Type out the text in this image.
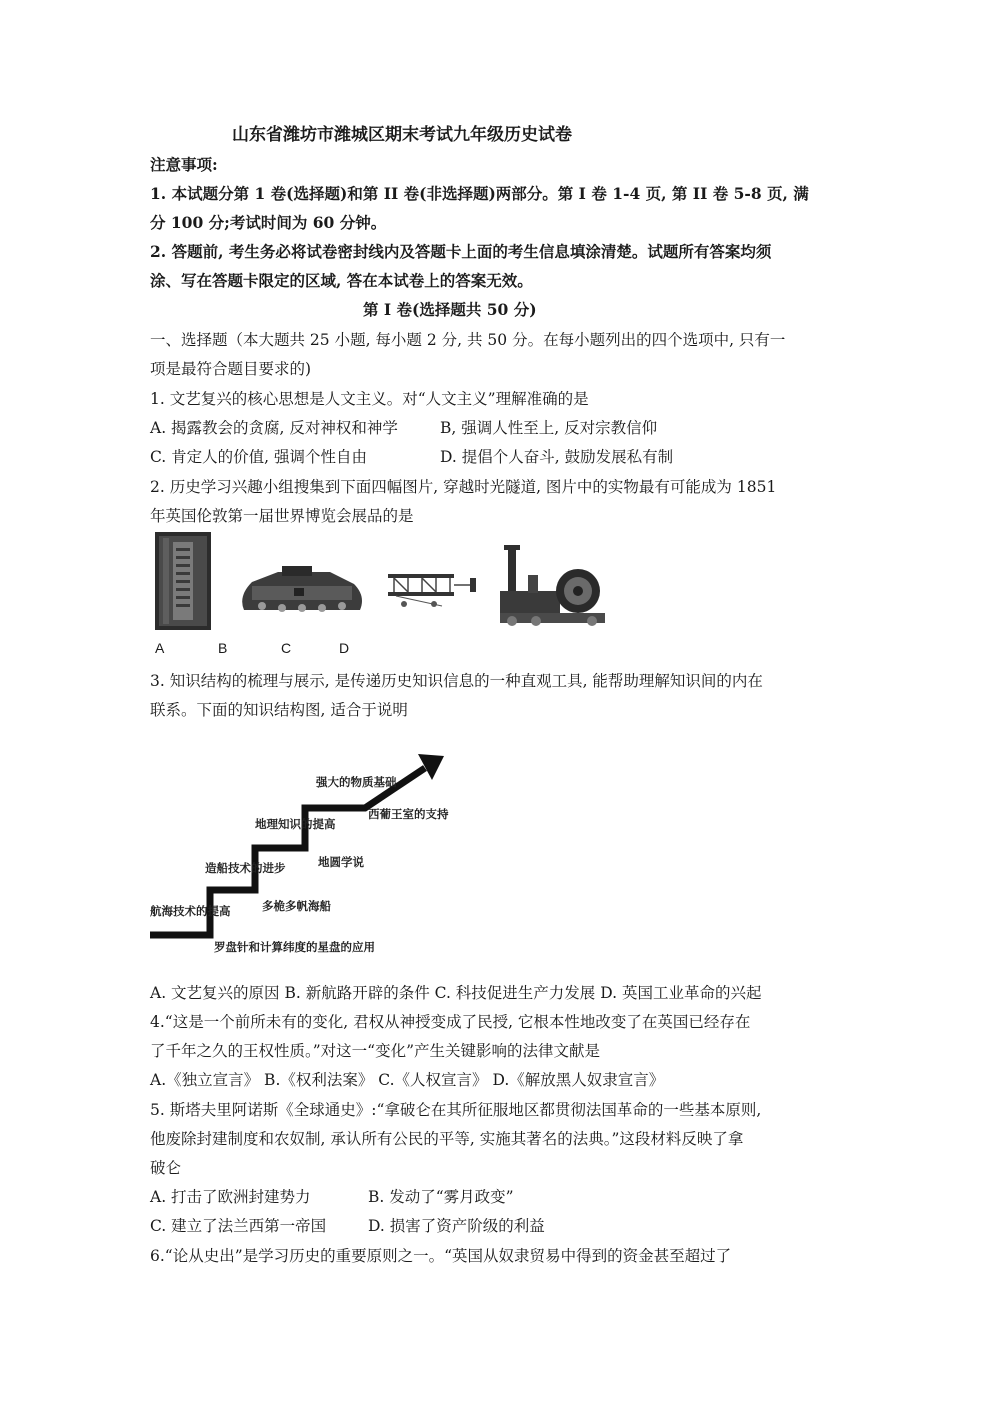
山东省潍坊市潍城区期末考试九年级历史试卷
注意事项:
1. 本试题分第 1 卷(选择题)和第 II 卷(非选择题)两部分。第 I 卷 1-4 页, 第 II 卷 5-8 页, 满
分 100 分;考试时间为 60 分钟。
2. 答题前, 考生务必将试卷密封线内及答题卡上面的考生信息填涂清楚。试题所有答案均须
涂、写在答题卡限定的区域, 答在本试卷上的答案无效。
第 I 卷(选择题共 50 分)
一、选择题（本大题共 25 小题, 每小题 2 分, 共 50 分。在每小题列出的四个选项中, 只有一
项是最符合题目要求的)
1. 文艺复兴的核心思想是人文主义。对“人文主义”理解准确的是
A. 揭露教会的贪腐, 反对神权和神学	B, 强调人性至上, 反对宗教信仰
C. 肯定人的价值, 强调个性自由	D. 提倡个人奋斗, 鼓励发展私有制
2. 历史学习兴趣小组搜集到下面四幅图片, 穿越时光隧道, 图片中的实物最有可能成为 1851
年英国伦敦第一届世界博览会展品的是
A	B	C	D
3. 知识结构的梳理与展示, 是传递历史知识信息的一种直观工具, 能帮助理解知识间的内在
联系。下面的知识结构图, 适合于说明
航海技术的提高
罗盘针和计算纬度的星盘的应用
多桅多帆海船
造船技术的进步	地圆学说
地理知识的提高
西葡王室的支持
强大的物质基础
A. 文艺复兴的原因 B. 新航路开辟的条件 C. 科技促进生产力发展 D. 英国工业革命的兴起
4.“这是一个前所未有的变化, 君权从神授变成了民授, 它根本性地改变了在英国已经存在
了千年之久的王权性质。”对这一“变化”产生关键影响的法律文献是
A.《独立宣言》 B.《权利法案》 C.《人权宣言》 D.《解放黑人奴隶宣言》
5. 斯塔夫里阿诺斯《全球通史》:“拿破仑在其所征服地区都贯彻法国革命的一些基本原则,
他废除封建制度和农奴制, 承认所有公民的平等, 实施其著名的法典。”这段材料反映了拿
破仑
A. 打击了欧洲封建势力	B. 发动了“雾月政变”
C. 建立了法兰西第一帝国	D. 损害了资产阶级的利益
6.“论从史出”是学习历史的重要原则之一。“英国从奴隶贸易中得到的资金甚至超过了
